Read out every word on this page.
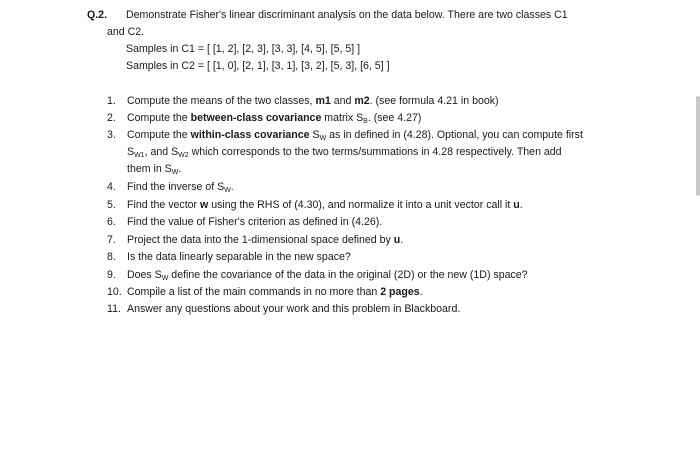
Q.2. Demonstrate Fisher's linear discriminant analysis on the data below. There are two classes C1
and C2.
Samples in C1 = [ [1, 2], [2, 3], [3, 3], [4, 5], [5, 5] ]
Samples in C2 = [ [1, 0], [2, 1], [3, 1], [3, 2], [5, 3], [6, 5] ]
1. Compute the means of the two classes, m1 and m2. (see formula 4.21 in book)
2. Compute the between-class covariance matrix $S_B$. (see 4.27)
3. Compute the within-class covariance $S_W$ as in defined in (4.28). Optional, you can compute first
$S_{W1}$, and $S_{W2}$ which corresponds to the two terms/summations in 4.28 respectively. Then add
them in $S_W$.
4. Find the inverse of $S_W$.
5. Find the vector w using the RHS of (4.30), and normalize it into a unit vector call it u.
6. Find the value of Fisher's criterion as defined in (4.26).
7. Project the data into the 1-dimensional space defined by u.
8. Is the data linearly separable in the new space?
9. Does $S_W$ define the covariance of the data in the original (2D) or the new (1D) space?
10. Compile a list of the main commands in no more than 2 pages.
11. Answer any questions about your work and this problem in Blackboard.
